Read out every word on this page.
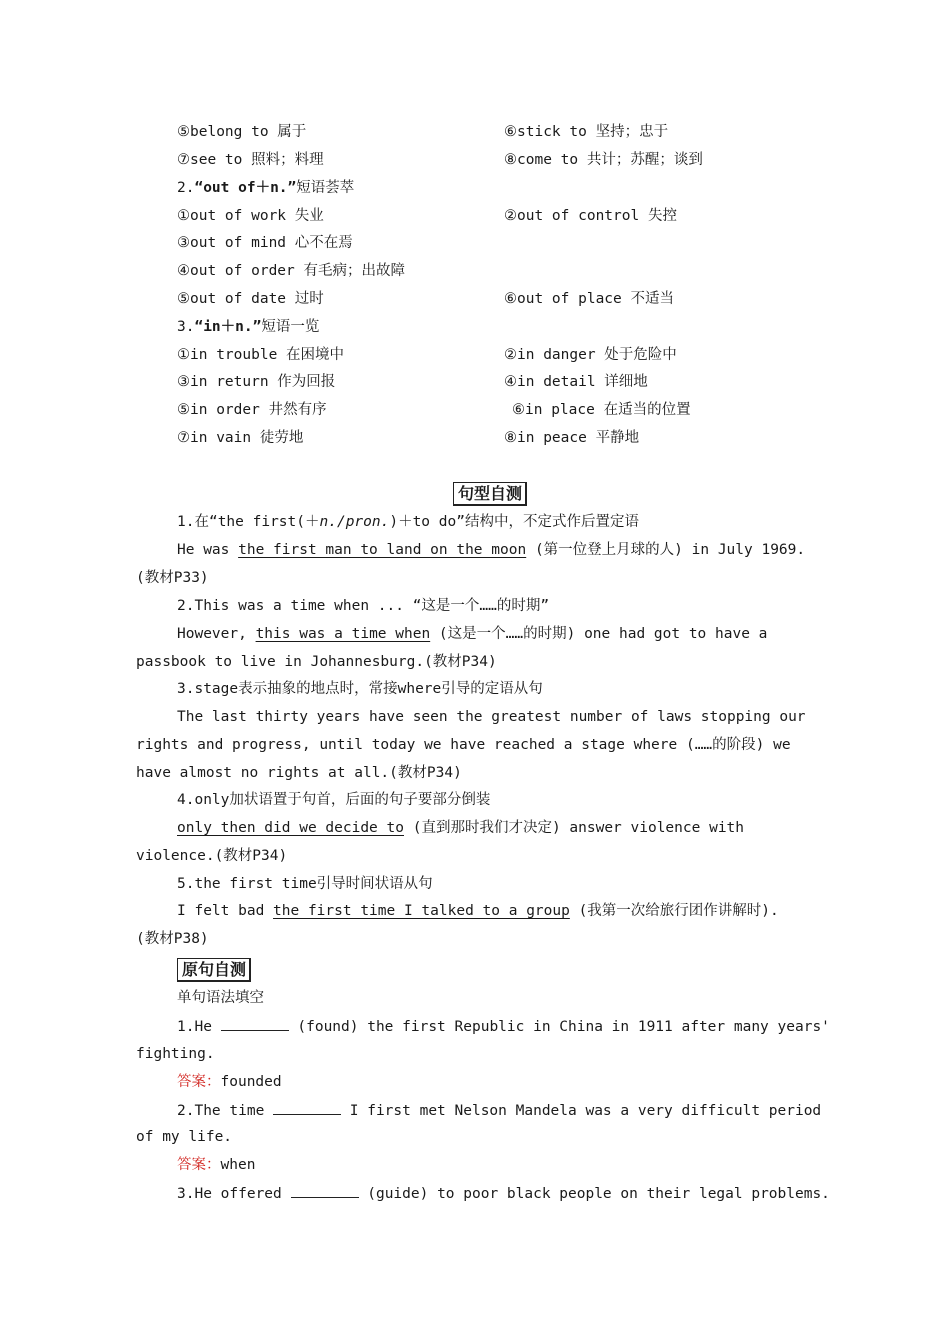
⑤belong to 属于	⑥stick to 坚持；忠于
⑦see to 照料；料理	⑧come to 共计；苏醒；谈到
2.“out of＋n.”短语荟萃
①out of work 失业	②out of control 失控
③out of mind 心不在焉
④out of order 有毛病；出故障
⑤out of date 过时	⑥out of place 不适当
3.“in＋n.”短语一览
①in trouble 在困境中	②in danger 处于危险中
③in return 作为回报	④in detail 详细地
⑤in order 井然有序	⑥in place 在适当的位置
⑦in vain 徒劳地	⑧in peace 平静地
句型自测
1.在“the first(＋n./pron.)＋to do”结构中，不定式作后置定语
He was the first man to land on the moon (第一位登上月球的人) in July 1969.
(教材P33)
2.This was a time when ... “这是一个……的时期”
However, this was a time when (这是一个……的时期) one had got to have a
passbook to live in Johannesburg.(教材P34)
3.stage表示抽象的地点时，常接where引导的定语从句
The last thirty years have seen the greatest number of laws stopping our
rights and progress, until today we have reached a stage where (……的阶段) we
have almost no rights at all.(教材P34)
4.only加状语置于句首，后面的句子要部分倒装
only then did we decide to (直到那时我们才决定) answer violence with
violence.(教材P34)
5.the first time引导时间状语从句
I felt bad the first time I talked to a group (我第一次给旅行团作讲解时).
(教材P38)
原句自测
单句语法填空
1.He	(found) the first Republic in China in 1911 after many years'
fighting.
答案：founded
2.The time	I first met Nelson Mandela was a very difficult period
of my life.
答案：when
3.He offered	(guide) to poor black people on their legal problems.
